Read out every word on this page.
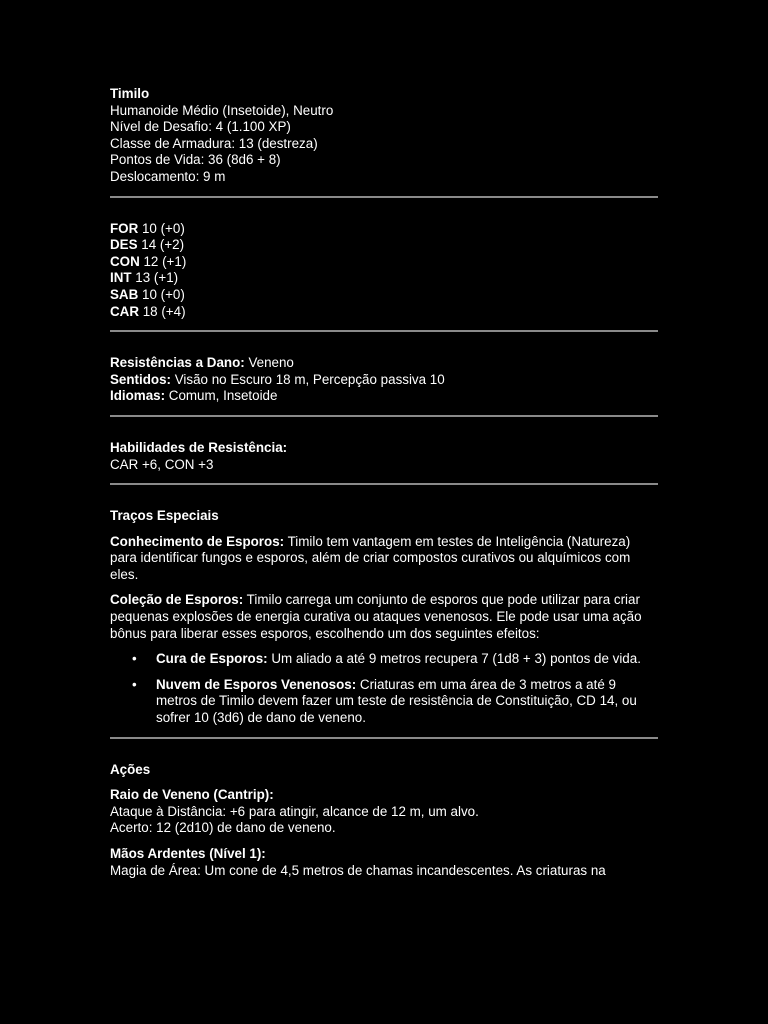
Timilo
Humanoide Médio (Insetoide), Neutro
Nível de Desafio: 4 (1.100 XP)
Classe de Armadura: 13 (destreza)
Pontos de Vida: 36 (8d6 + 8)
Deslocamento: 9 m
FOR 10 (+0)
DES 14 (+2)
CON 12 (+1)
INT 13 (+1)
SAB 10 (+0)
CAR 18 (+4)
Resistências a Dano: Veneno
Sentidos: Visão no Escuro 18 m, Percepção passiva 10
Idiomas: Comum, Insetoide
Habilidades de Resistência:
CAR +6, CON +3
Traços Especiais

Conhecimento de Esporos: Timilo tem vantagem em testes de Inteligência (Natureza) para identificar fungos e esporos, além de criar compostos curativos ou alquímicos com eles.

Coleção de Esporos: Timilo carrega um conjunto de esporos que pode utilizar para criar pequenas explosões de energia curativa ou ataques venenosos. Ele pode usar uma ação bônus para liberar esses esporos, escolhendo um dos seguintes efeitos:

• Cura de Esporos: Um aliado a até 9 metros recupera 7 (1d8 + 3) pontos de vida.
• Nuvem de Esporos Venenosos: Criaturas em uma área de 3 metros a até 9 metros de Timilo devem fazer um teste de resistência de Constituição, CD 14, ou sofrer 10 (3d6) de dano de veneno.
Ações
Raio de Veneno (Cantrip):
Ataque à Distância: +6 para atingir, alcance de 12 m, um alvo.
Acerto: 12 (2d10) de dano de veneno.
Mãos Ardentes (Nível 1):
Magia de Área: Um cone de 4,5 metros de chamas incandescentes. As criaturas na
